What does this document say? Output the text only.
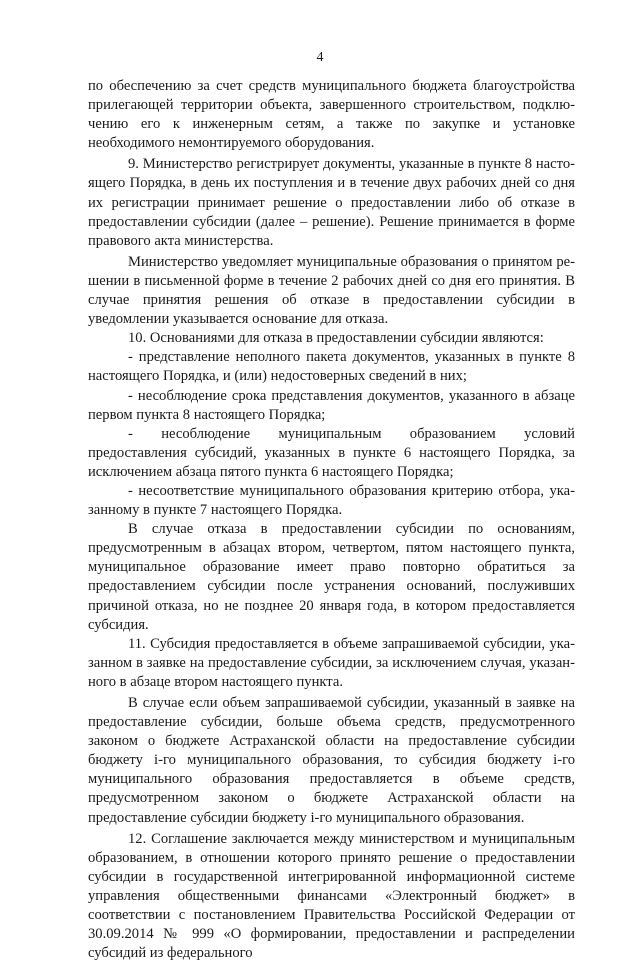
4

по обеспечению за счет средств муниципального бюджета благоустройства прилегающей территории объекта, завершенного строительством, подключению его к инженерным сетям, а также по закупке и установке необходимого немонтируемого оборудования.

9. Министерство регистрирует документы, указанные в пункте 8 настоящего Порядка, в день их поступления и в течение двух рабочих дней со дня их регистрации принимает решение о предоставлении либо об отказе в предоставлении субсидии (далее – решение). Решение принимается в форме правового акта министерства.

Министерство уведомляет муниципальные образования о принятом решении в письменной форме в течение 2 рабочих дней со дня его принятия. В случае принятия решения об отказе в предоставлении субсидии в уведомлении указывается основание для отказа.

10. Основаниями для отказа в предоставлении субсидии являются:

- представление неполного пакета документов, указанных в пункте 8 настоящего Порядка, и (или) недостоверных сведений в них;

- несоблюдение срока представления документов, указанного в абзаце первом пункта 8 настоящего Порядка;

- несоблюдение муниципальным образованием условий предоставления субсидий, указанных в пункте 6 настоящего Порядка, за исключением абзаца пятого пункта 6 настоящего Порядка;

- несоответствие муниципального образования критерию отбора, указанному в пункте 7 настоящего Порядка.

В случае отказа в предоставлении субсидии по основаниям, предусмотренным в абзацах втором, четвертом, пятом настоящего пункта, муниципальное образование имеет право повторно обратиться за предоставлением субсидии после устранения оснований, послуживших причиной отказа, но не позднее 20 января года, в котором предоставляется субсидия.

11. Субсидия предоставляется в объеме запрашиваемой субсидии, указанном в заявке на предоставление субсидии, за исключением случая, указанного в абзаце втором настоящего пункта.

В случае если объем запрашиваемой субсидии, указанный в заявке на предоставление субсидии, больше объема средств, предусмотренного законом о бюджете Астраханской области на предоставление субсидии бюджету i-го муниципального образования, то субсидия бюджету i-го муниципального образования предоставляется в объеме средств, предусмотренном законом о бюджете Астраханской области на предоставление субсидии бюджету i-го муниципального образования.

12. Соглашение заключается между министерством и муниципальным образованием, в отношении которого принято решение о предоставлении субсидии в государственной интегрированной информационной системе управления общественными финансами «Электронный бюджет» в соответствии с постановлением Правительства Российской Федерации от 30.09.2014 № 999 «О формировании, предоставлении и распределении субсидий из федерального
